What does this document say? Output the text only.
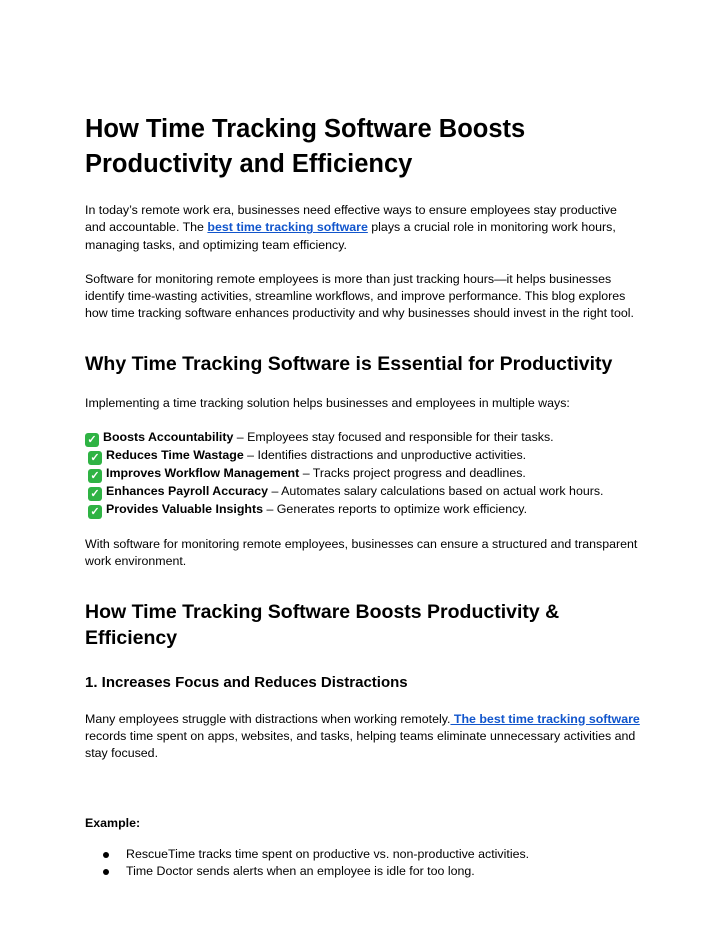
How Time Tracking Software Boosts Productivity and Efficiency

In today’s remote work era, businesses need effective ways to ensure employees stay productive and accountable. The best time tracking software plays a crucial role in monitoring work hours, managing tasks, and optimizing team efficiency.

Software for monitoring remote employees is more than just tracking hours—it helps businesses identify time-wasting activities, streamline workflows, and improve performance. This blog explores how time tracking software enhances productivity and why businesses should invest in the right tool.

Why Time Tracking Software is Essential for Productivity

Implementing a time tracking solution helps businesses and employees in multiple ways:

✓ Boosts Accountability – Employees stay focused and responsible for their tasks.
✓ Reduces Time Wastage – Identifies distractions and unproductive activities.
✓ Improves Workflow Management – Tracks project progress and deadlines.
✓ Enhances Payroll Accuracy – Automates salary calculations based on actual work hours.
✓ Provides Valuable Insights – Generates reports to optimize work efficiency.

With software for monitoring remote employees, businesses can ensure a structured and transparent work environment.

How Time Tracking Software Boosts Productivity & Efficiency
1. Increases Focus and Reduces Distractions

Many employees struggle with distractions when working remotely. The best time tracking software records time spent on apps, websites, and tasks, helping teams eliminate unnecessary activities and stay focused.

Example:

RescueTime tracks time spent on productive vs. non-productive activities.
Time Doctor sends alerts when an employee is idle for too long.
